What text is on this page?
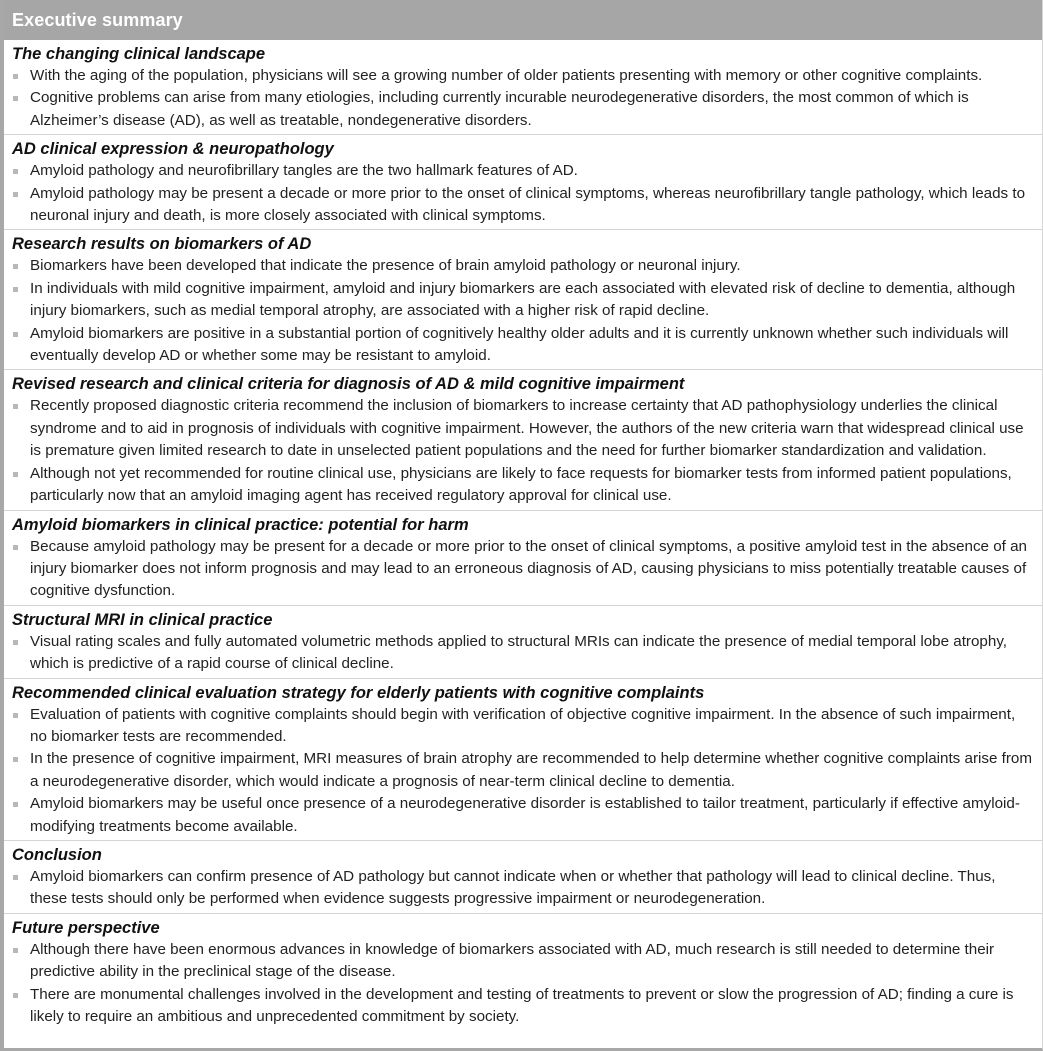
Executive summary
The changing clinical landscape
With the aging of the population, physicians will see a growing number of older patients presenting with memory or other cognitive complaints.
Cognitive problems can arise from many etiologies, including currently incurable neurodegenerative disorders, the most common of which is Alzheimer’s disease (AD), as well as treatable, nondegenerative disorders.
AD clinical expression & neuropathology
Amyloid pathology and neurofibrillary tangles are the two hallmark features of AD.
Amyloid pathology may be present a decade or more prior to the onset of clinical symptoms, whereas neurofibrillary tangle pathology, which leads to neuronal injury and death, is more closely associated with clinical symptoms.
Research results on biomarkers of AD
Biomarkers have been developed that indicate the presence of brain amyloid pathology or neuronal injury.
In individuals with mild cognitive impairment, amyloid and injury biomarkers are each associated with elevated risk of decline to dementia, although injury biomarkers, such as medial temporal atrophy, are associated with a higher risk of rapid decline.
Amyloid biomarkers are positive in a substantial portion of cognitively healthy older adults and it is currently unknown whether such individuals will eventually develop AD or whether some may be resistant to amyloid.
Revised research and clinical criteria for diagnosis of AD & mild cognitive impairment
Recently proposed diagnostic criteria recommend the inclusion of biomarkers to increase certainty that AD pathophysiology underlies the clinical syndrome and to aid in prognosis of individuals with cognitive impairment. However, the authors of the new criteria warn that widespread clinical use is premature given limited research to date in unselected patient populations and the need for further biomarker standardization and validation.
Although not yet recommended for routine clinical use, physicians are likely to face requests for biomarker tests from informed patient populations, particularly now that an amyloid imaging agent has received regulatory approval for clinical use.
Amyloid biomarkers in clinical practice: potential for harm
Because amyloid pathology may be present for a decade or more prior to the onset of clinical symptoms, a positive amyloid test in the absence of an injury biomarker does not inform prognosis and may lead to an erroneous diagnosis of AD, causing physicians to miss potentially treatable causes of cognitive dysfunction.
Structural MRI in clinical practice
Visual rating scales and fully automated volumetric methods applied to structural MRIs can indicate the presence of medial temporal lobe atrophy, which is predictive of a rapid course of clinical decline.
Recommended clinical evaluation strategy for elderly patients with cognitive complaints
Evaluation of patients with cognitive complaints should begin with verification of objective cognitive impairment. In the absence of such impairment, no biomarker tests are recommended.
In the presence of cognitive impairment, MRI measures of brain atrophy are recommended to help determine whether cognitive complaints arise from a neurodegenerative disorder, which would indicate a prognosis of near-term clinical decline to dementia.
Amyloid biomarkers may be useful once presence of a neurodegenerative disorder is established to tailor treatment, particularly if effective amyloid-modifying treatments become available.
Conclusion
Amyloid biomarkers can confirm presence of AD pathology but cannot indicate when or whether that pathology will lead to clinical decline. Thus, these tests should only be performed when evidence suggests progressive impairment or neurodegeneration.
Future perspective
Although there have been enormous advances in knowledge of biomarkers associated with AD, much research is still needed to determine their predictive ability in the preclinical stage of the disease.
There are monumental challenges involved in the development and testing of treatments to prevent or slow the progression of AD; finding a cure is likely to require an ambitious and unprecedented commitment by society.
